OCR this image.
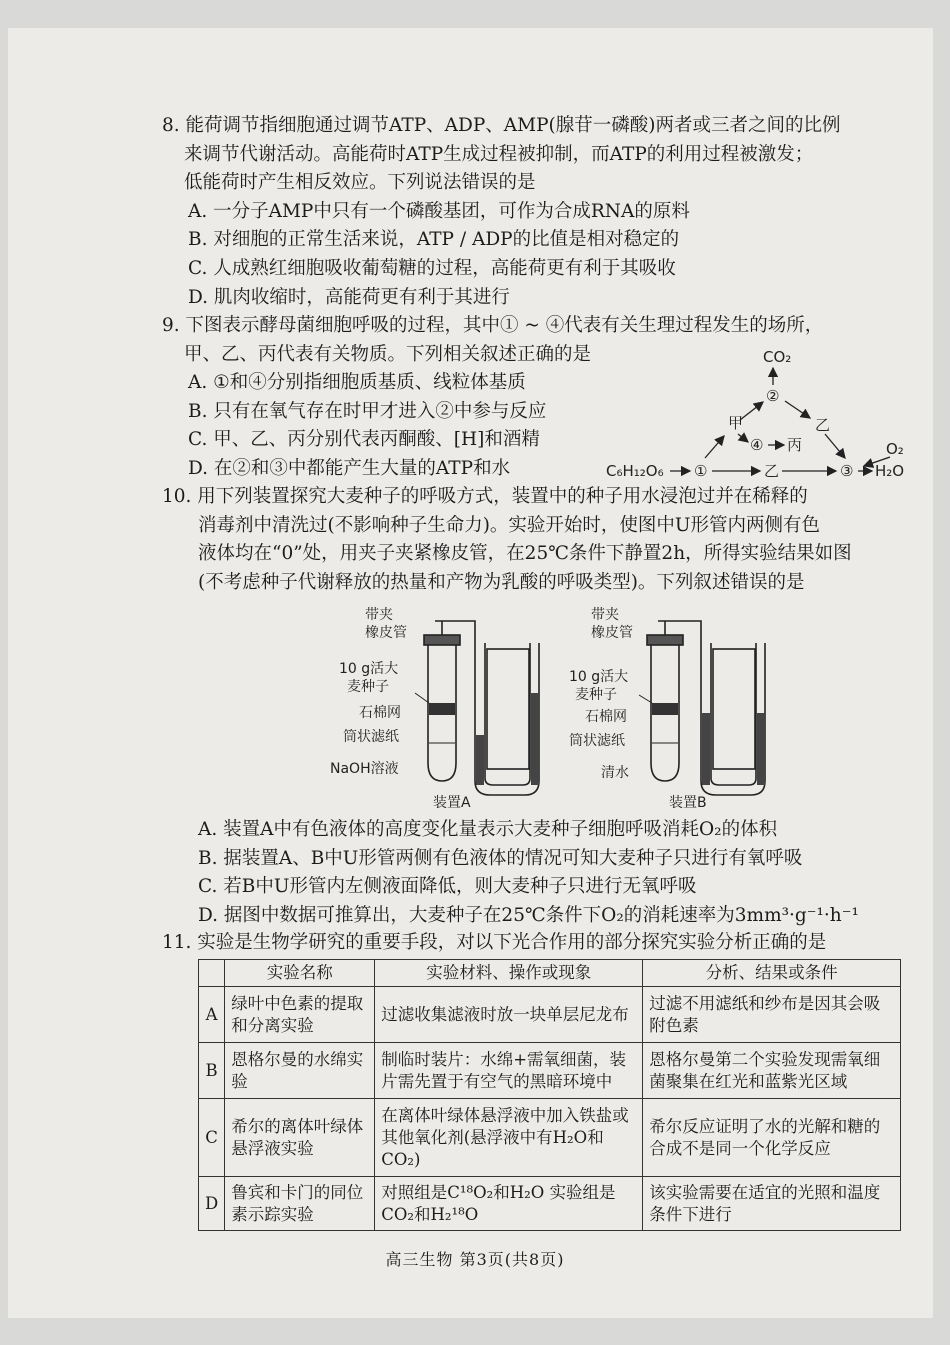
8. 能荷调节指细胞通过调节ATP、ADP、AMP(腺苷一磷酸)两者或三者之间的比例
来调节代谢活动。高能荷时ATP生成过程被抑制，而ATP的利用过程被激发；
低能荷时产生相反效应。下列说法错误的是
A. 一分子AMP中只有一个磷酸基团，可作为合成RNA的原料
B. 对细胞的正常生活来说，ATP / ADP的比值是相对稳定的
C. 人成熟红细胞吸收葡萄糖的过程，高能荷更有利于其吸收
D. 肌肉收缩时，高能荷更有利于其进行
9. 下图表示酵母菌细胞呼吸的过程，其中① ~ ④代表有关生理过程发生的场所，
甲、乙、丙代表有关物质。下列相关叙述正确的是
A. ①和④分别指细胞质基质、线粒体基质
B. 只有在氧气存在时甲才进入②中参与反应
C. 甲、乙、丙分别代表丙酮酸、[H]和酒精
D. 在②和③中都能产生大量的ATP和水
CO₂
②
甲	乙
④ 丙
C₆H₁₂O₆ ①	乙	③
O₂
H₂O
10. 用下列装置探究大麦种子的呼吸方式，装置中的种子用水浸泡过并在稀释的
消毒剂中清洗过(不影响种子生命力)。实验开始时，使图中U形管内两侧有色
液体均在“0”处，用夹子夹紧橡皮管，在25℃条件下静置2h，所得实验结果如图
(不考虑种子代谢释放的热量和产物为乳酸的呼吸类型)。下列叙述错误的是
带夹
橡皮管
10 g活大
麦种子
石棉网
筒状滤纸
NaOH溶液
装置A
带夹
橡皮管
10 g活大
麦种子
石棉网
筒状滤纸
清水
装置B
A. 装置A中有色液体的高度变化量表示大麦种子细胞呼吸消耗O₂的体积
B. 据装置A、B中U形管两侧有色液体的情况可知大麦种子只进行有氧呼吸
C. 若B中U形管内左侧液面降低，则大麦种子只进行无氧呼吸
D. 据图中数据可推算出，大麦种子在25℃条件下O₂的消耗速率为3mm³·g⁻¹·h⁻¹
11. 实验是生物学研究的重要手段，对以下光合作用的部分探究实验分析正确的是
	实验名称	实验材料、操作或现象	分析、结果或条件
A	绿叶中色素的提取和分离实验	过滤收集滤液时放一块单层尼龙布	过滤不用滤纸和纱布是因其会吸附色素
B	恩格尔曼的水绵实验	制临时装片：水绵+需氧细菌，装片需先置于有空气的黑暗环境中	恩格尔曼第二个实验发现需氧细菌聚集在红光和蓝紫光区域
C	希尔的离体叶绿体悬浮液实验	在离体叶绿体悬浮液中加入铁盐或其他氧化剂(悬浮液中有H₂O和CO₂)	希尔反应证明了水的光解和糖的合成不是同一个化学反应
D	鲁宾和卡门的同位素示踪实验	对照组是C¹⁸O₂和H₂O 实验组是CO₂和H₂¹⁸O	该实验需要在适宜的光照和温度条件下进行
高三生物 第3页(共8页)
